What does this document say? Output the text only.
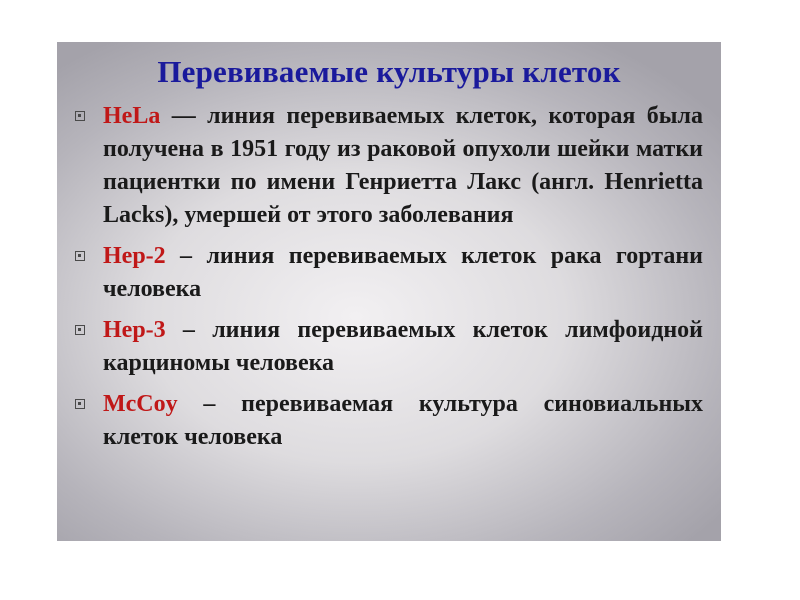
Перевиваемые культуры клеток
HeLa — линия перевиваемых клеток, которая была получена в 1951 году из раковой опухоли шейки матки пациентки по имени Генриетта Лакс (англ. Henrietta Lacks), умершей от этого заболевания
Hep-2 – линия перевиваемых клеток рака гортани человека
Hep-3 – линия перевиваемых клеток лимфоидной карциномы человека
McCoy – перевиваемая культура синовиальных клеток человека
